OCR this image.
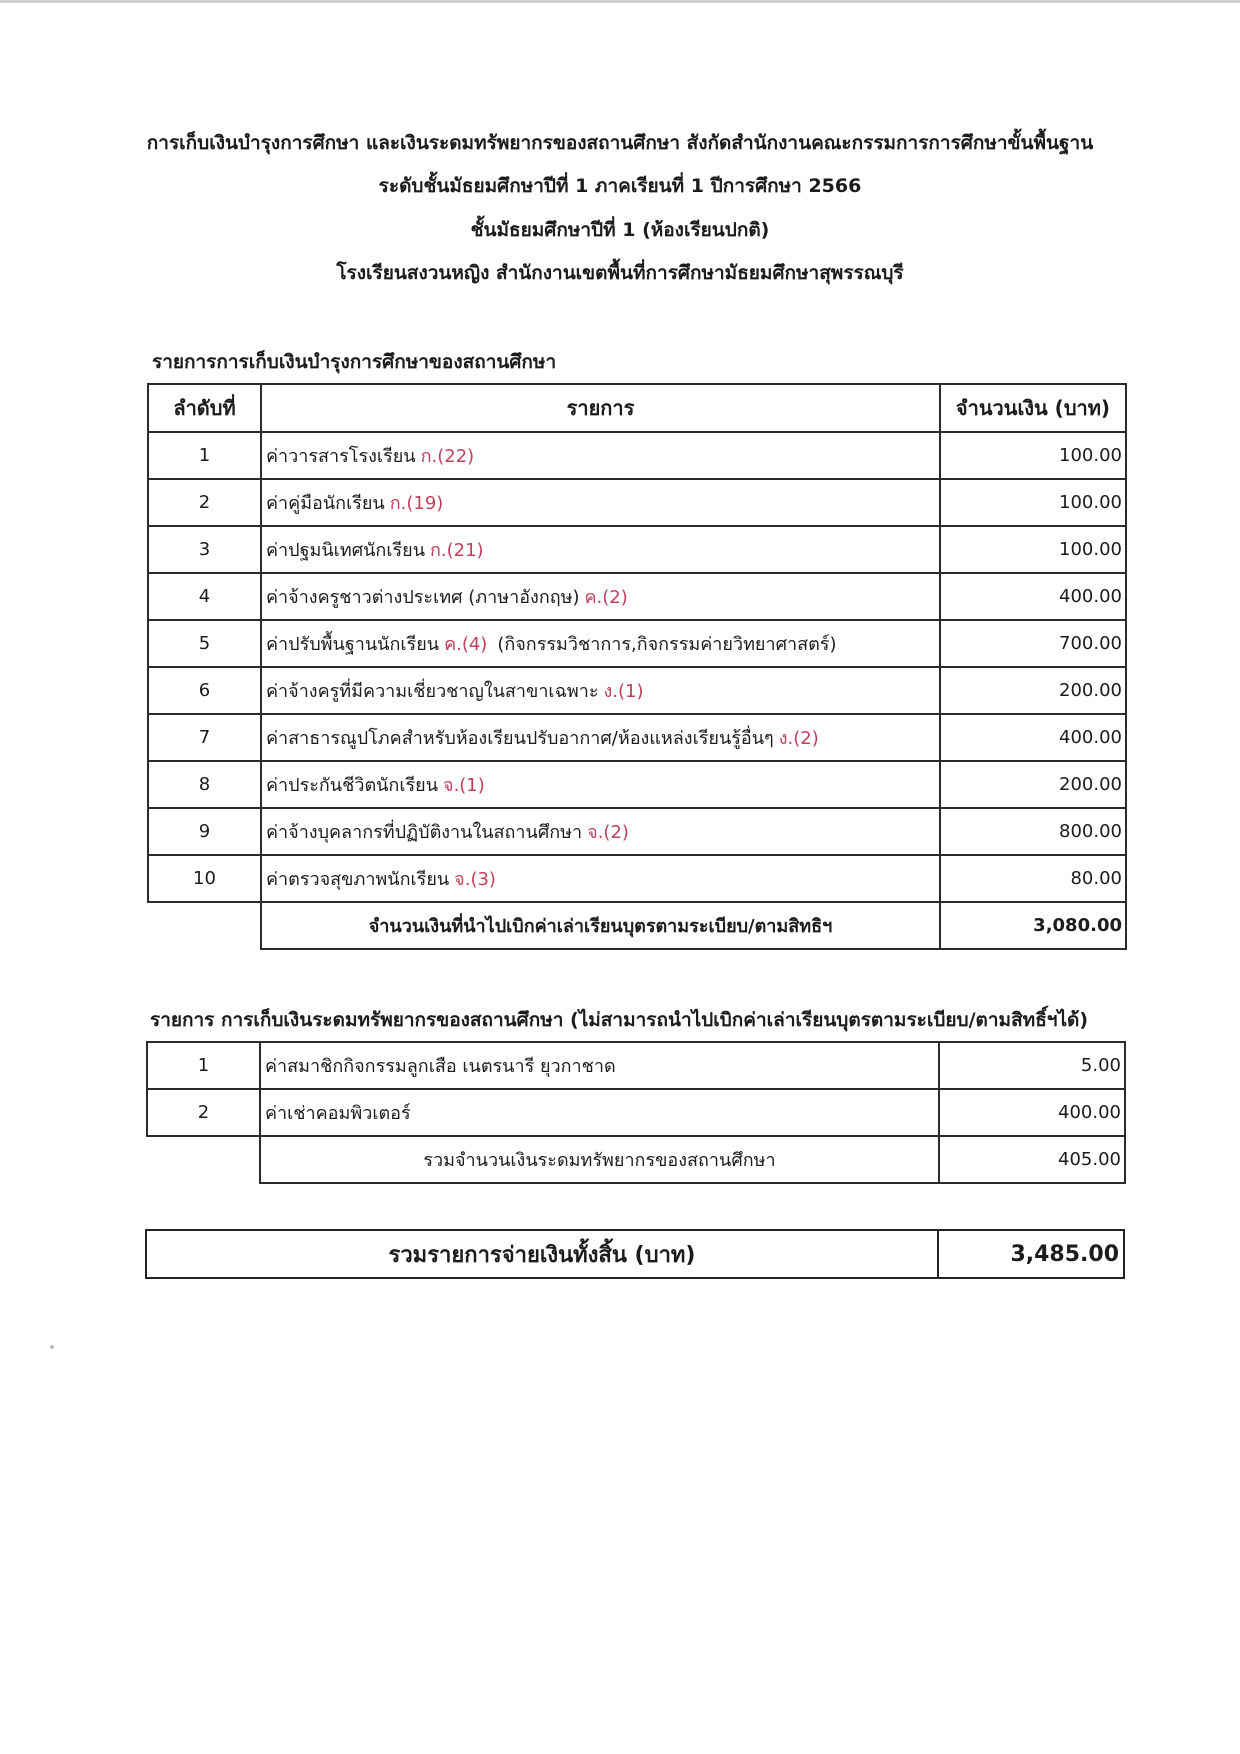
การเก็บเงินบำรุงการศึกษา และเงินระดมทรัพยากรของสถานศึกษา สังกัดสำนักงานคณะกรรมการการศึกษาขั้นพื้นฐาน
ระดับชั้นมัธยมศึกษาปีที่ 1 ภาคเรียนที่ 1 ปีการศึกษา 2566
ชั้นมัธยมศึกษาปีที่ 1 (ห้องเรียนปกติ)
โรงเรียนสงวนหญิง สำนักงานเขตพื้นที่การศึกษามัธยมศึกษาสุพรรณบุรี
รายการการเก็บเงินบำรุงการศึกษาของสถานศึกษา
ลำดับที่	รายการ	จำนวนเงิน (บาท)
1	ค่าวารสารโรงเรียน ก.(22)	100.00
2	ค่าคู่มือนักเรียน ก.(19)	100.00
3	ค่าปฐมนิเทศนักเรียน ก.(21)	100.00
4	ค่าจ้างครูชาวต่างประเทศ (ภาษาอังกฤษ) ค.(2)	400.00
5	ค่าปรับพื้นฐานนักเรียน ค.(4) (กิจกรรมวิชาการ,กิจกรรมค่ายวิทยาศาสตร์)	700.00
6	ค่าจ้างครูที่มีความเชี่ยวชาญในสาขาเฉพาะ ง.(1)	200.00
7	ค่าสาธารณูปโภคสำหรับห้องเรียนปรับอากาศ/ห้องแหล่งเรียนรู้อื่นๆ ง.(2)	400.00
8	ค่าประกันชีวิตนักเรียน จ.(1)	200.00
9	ค่าจ้างบุคลากรที่ปฏิบัติงานในสถานศึกษา จ.(2)	800.00
10	ค่าตรวจสุขภาพนักเรียน จ.(3)	80.00
	จำนวนเงินที่นำไปเบิกค่าเล่าเรียนบุตรตามระเบียบ/ตามสิทธิฯ	3,080.00
รายการ การเก็บเงินระดมทรัพยากรของสถานศึกษา (ไม่สามารถนำไปเบิกค่าเล่าเรียนบุตรตามระเบียบ/ตามสิทธิ์ฯได้)
1	ค่าสมาชิกกิจกรรมลูกเสือ เนตรนารี ยุวกาชาด	5.00
2	ค่าเช่าคอมพิวเตอร์	400.00
	รวมจำนวนเงินระดมทรัพยากรของสถานศึกษา	405.00
รวมรายการจ่ายเงินทั้งสิ้น (บาท)	3,485.00
